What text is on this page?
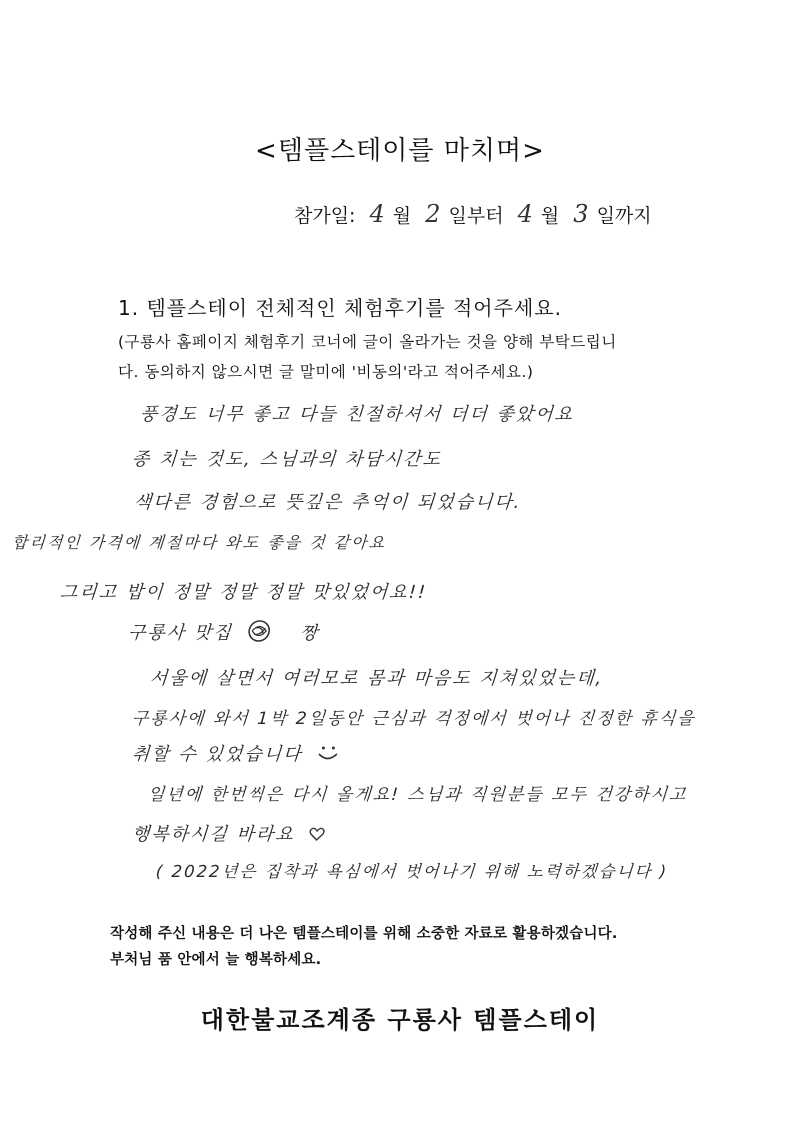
<템플스테이를 마치며>
참가일: 4 월 2 일부터 4 월 3 일까지
1. 템플스테이 전체적인 체험후기를 적어주세요.
(구룡사 홈페이지 체험후기 코너에 글이 올라가는 것을 양해 부탁드립니
다. 동의하지 않으시면 글 말미에 '비동의'라고 적어주세요.)
풍경도 너무 좋고 다들 친절하셔서 더더 좋았어요
종 치는 것도, 스님과의 차담시간도
색다른 경험으로 뜻깊은 추억이 되었습니다.
합리적인 가격에 계절마다 와도 좋을 것 같아요
그리고 밥이 정말 정말 정말 맛있었어요!!
구룡사 맛집	짱
서울에 살면서 여러모로 몸과 마음도 지쳐있었는데,
구룡사에 와서 1박 2일동안 근심과 걱정에서 벗어나 진정한 휴식을
취할 수 있었습니다
일년에 한번씩은 다시 올게요! 스님과 직원분들 모두 건강하시고
행복하시길 바라요
( 2022년은 집착과 욕심에서 벗어나기 위해 노력하겠습니다 )
작성해 주신 내용은 더 나은 템플스테이를 위해 소중한 자료로 활용하겠습니다.
부처님 품 안에서 늘 행복하세요.
대한불교조계종 구룡사 템플스테이
